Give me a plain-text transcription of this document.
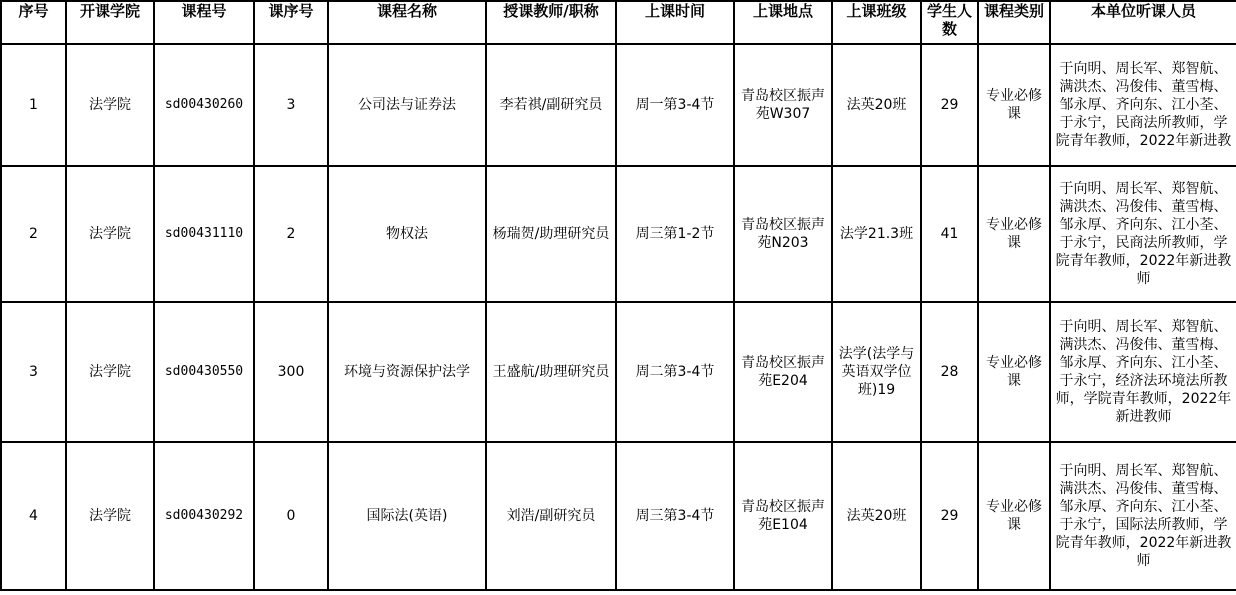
序号	开课学院	课程号	课序号	课程名称	授课教师/职称	上课时间	上课地点	上课班级	学生人数	课程类别	本单位听课人员
1	法学院	sd00430260	3	公司法与证券法	李若祺/副研究员	周一第3-4节	青岛校区振声苑W307	法英20班	29	专业必修课	于向明、周长军、郑智航、满洪杰、冯俊伟、董雪梅、邹永厚、齐向东、江小荃、于永宁，民商法所教师，学院青年教师，2022年新进教
2	法学院	sd00431110	2	物权法	杨瑞贺/助理研究员	周三第1-2节	青岛校区振声苑N203	法学21.3班	41	专业必修课	于向明、周长军、郑智航、满洪杰、冯俊伟、董雪梅、邹永厚、齐向东、江小荃、于永宁，民商法所教师，学院青年教师，2022年新进教师
3	法学院	sd00430550	300	环境与资源保护法学	王盛航/助理研究员	周二第3-4节	青岛校区振声苑E204	法学(法学与英语双学位班)19	28	专业必修课	于向明、周长军、郑智航、满洪杰、冯俊伟、董雪梅、邹永厚、齐向东、江小荃、于永宁，经济法环境法所教师，学院青年教师，2022年新进教师
4	法学院	sd00430292	0	国际法(英语)	刘浩/副研究员	周三第3-4节	青岛校区振声苑E104	法英20班	29	专业必修课	于向明、周长军、郑智航、满洪杰、冯俊伟、董雪梅、邹永厚、齐向东、江小荃、于永宁，国际法所教师，学院青年教师，2022年新进教师
